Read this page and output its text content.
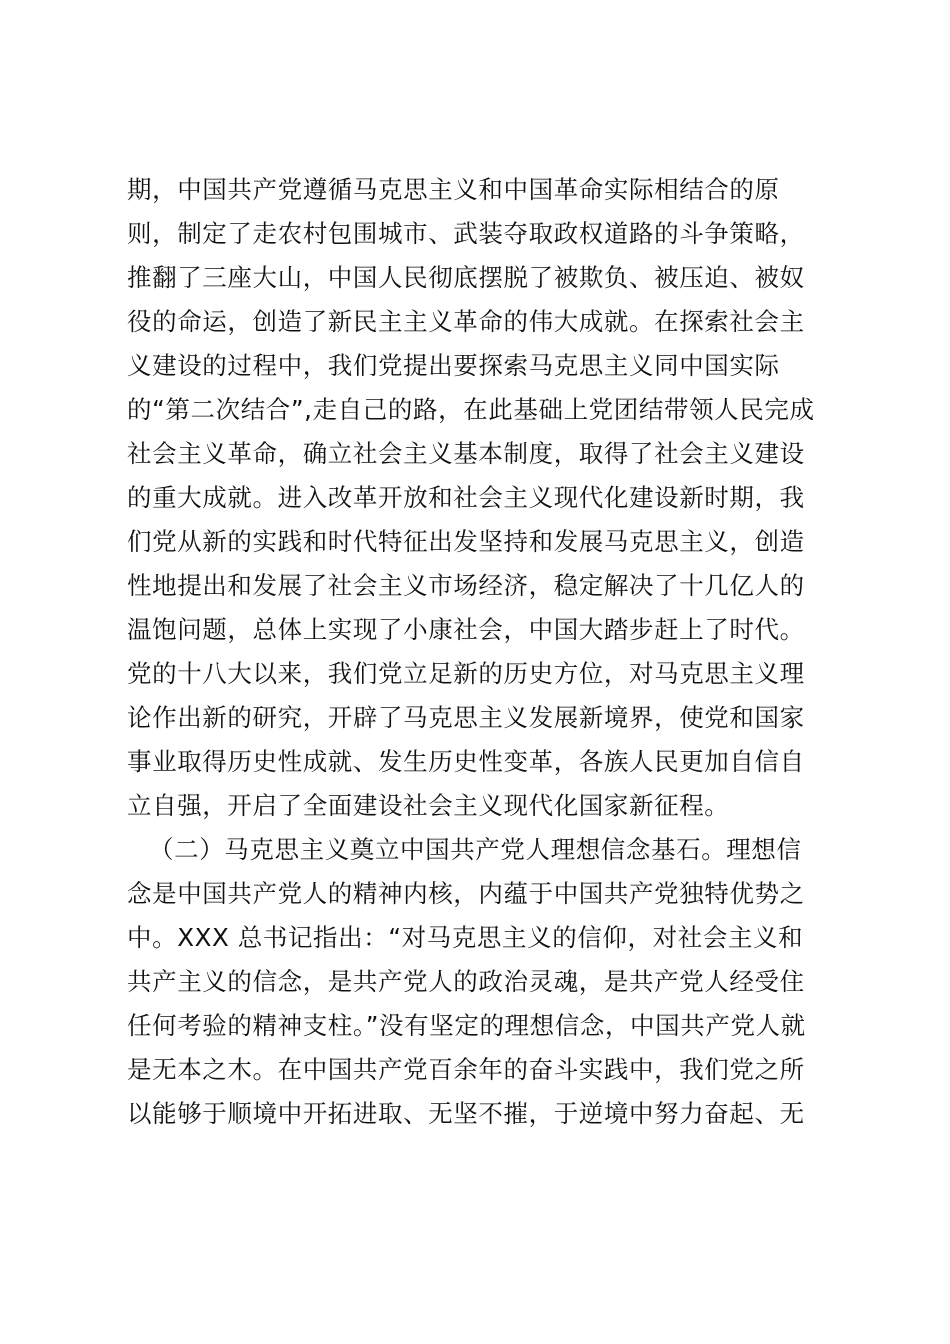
期，中国共产党遵循马克思主义和中国革命实际相结合的原
则，制定了走农村包围城市、武装夺取政权道路的斗争策略，
推翻了三座大山，中国人民彻底摆脱了被欺负、被压迫、被奴
役的命运，创造了新民主主义革命的伟大成就。在探索社会主
义建设的过程中，我们党提出要探索马克思主义同中国实际
的“第二次结合”,走自己的路，在此基础上党团结带领人民完成
社会主义革命，确立社会主义基本制度，取得了社会主义建设
的重大成就。进入改革开放和社会主义现代化建设新时期，我
们党从新的实践和时代特征出发坚持和发展马克思主义，创造
性地提出和发展了社会主义市场经济，稳定解决了十几亿人的
温饱问题，总体上实现了小康社会，中国大踏步赶上了时代。
党的十八大以来，我们党立足新的历史方位，对马克思主义理
论作出新的研究，开辟了马克思主义发展新境界，使党和国家
事业取得历史性成就、发生历史性变革，各族人民更加自信自
立自强，开启了全面建设社会主义现代化国家新征程。
（二）马克思主义奠立中国共产党人理想信念基石。理想信
念是中国共产党人的精神内核，内蕴于中国共产党独特优势之
中。XXX 总书记指出：“对马克思主义的信仰，对社会主义和
共产主义的信念，是共产党人的政治灵魂，是共产党人经受住
任何考验的精神支柱。”没有坚定的理想信念，中国共产党人就
是无本之木。在中国共产党百余年的奋斗实践中，我们党之所
以能够于顺境中开拓进取、无坚不摧，于逆境中努力奋起、无
